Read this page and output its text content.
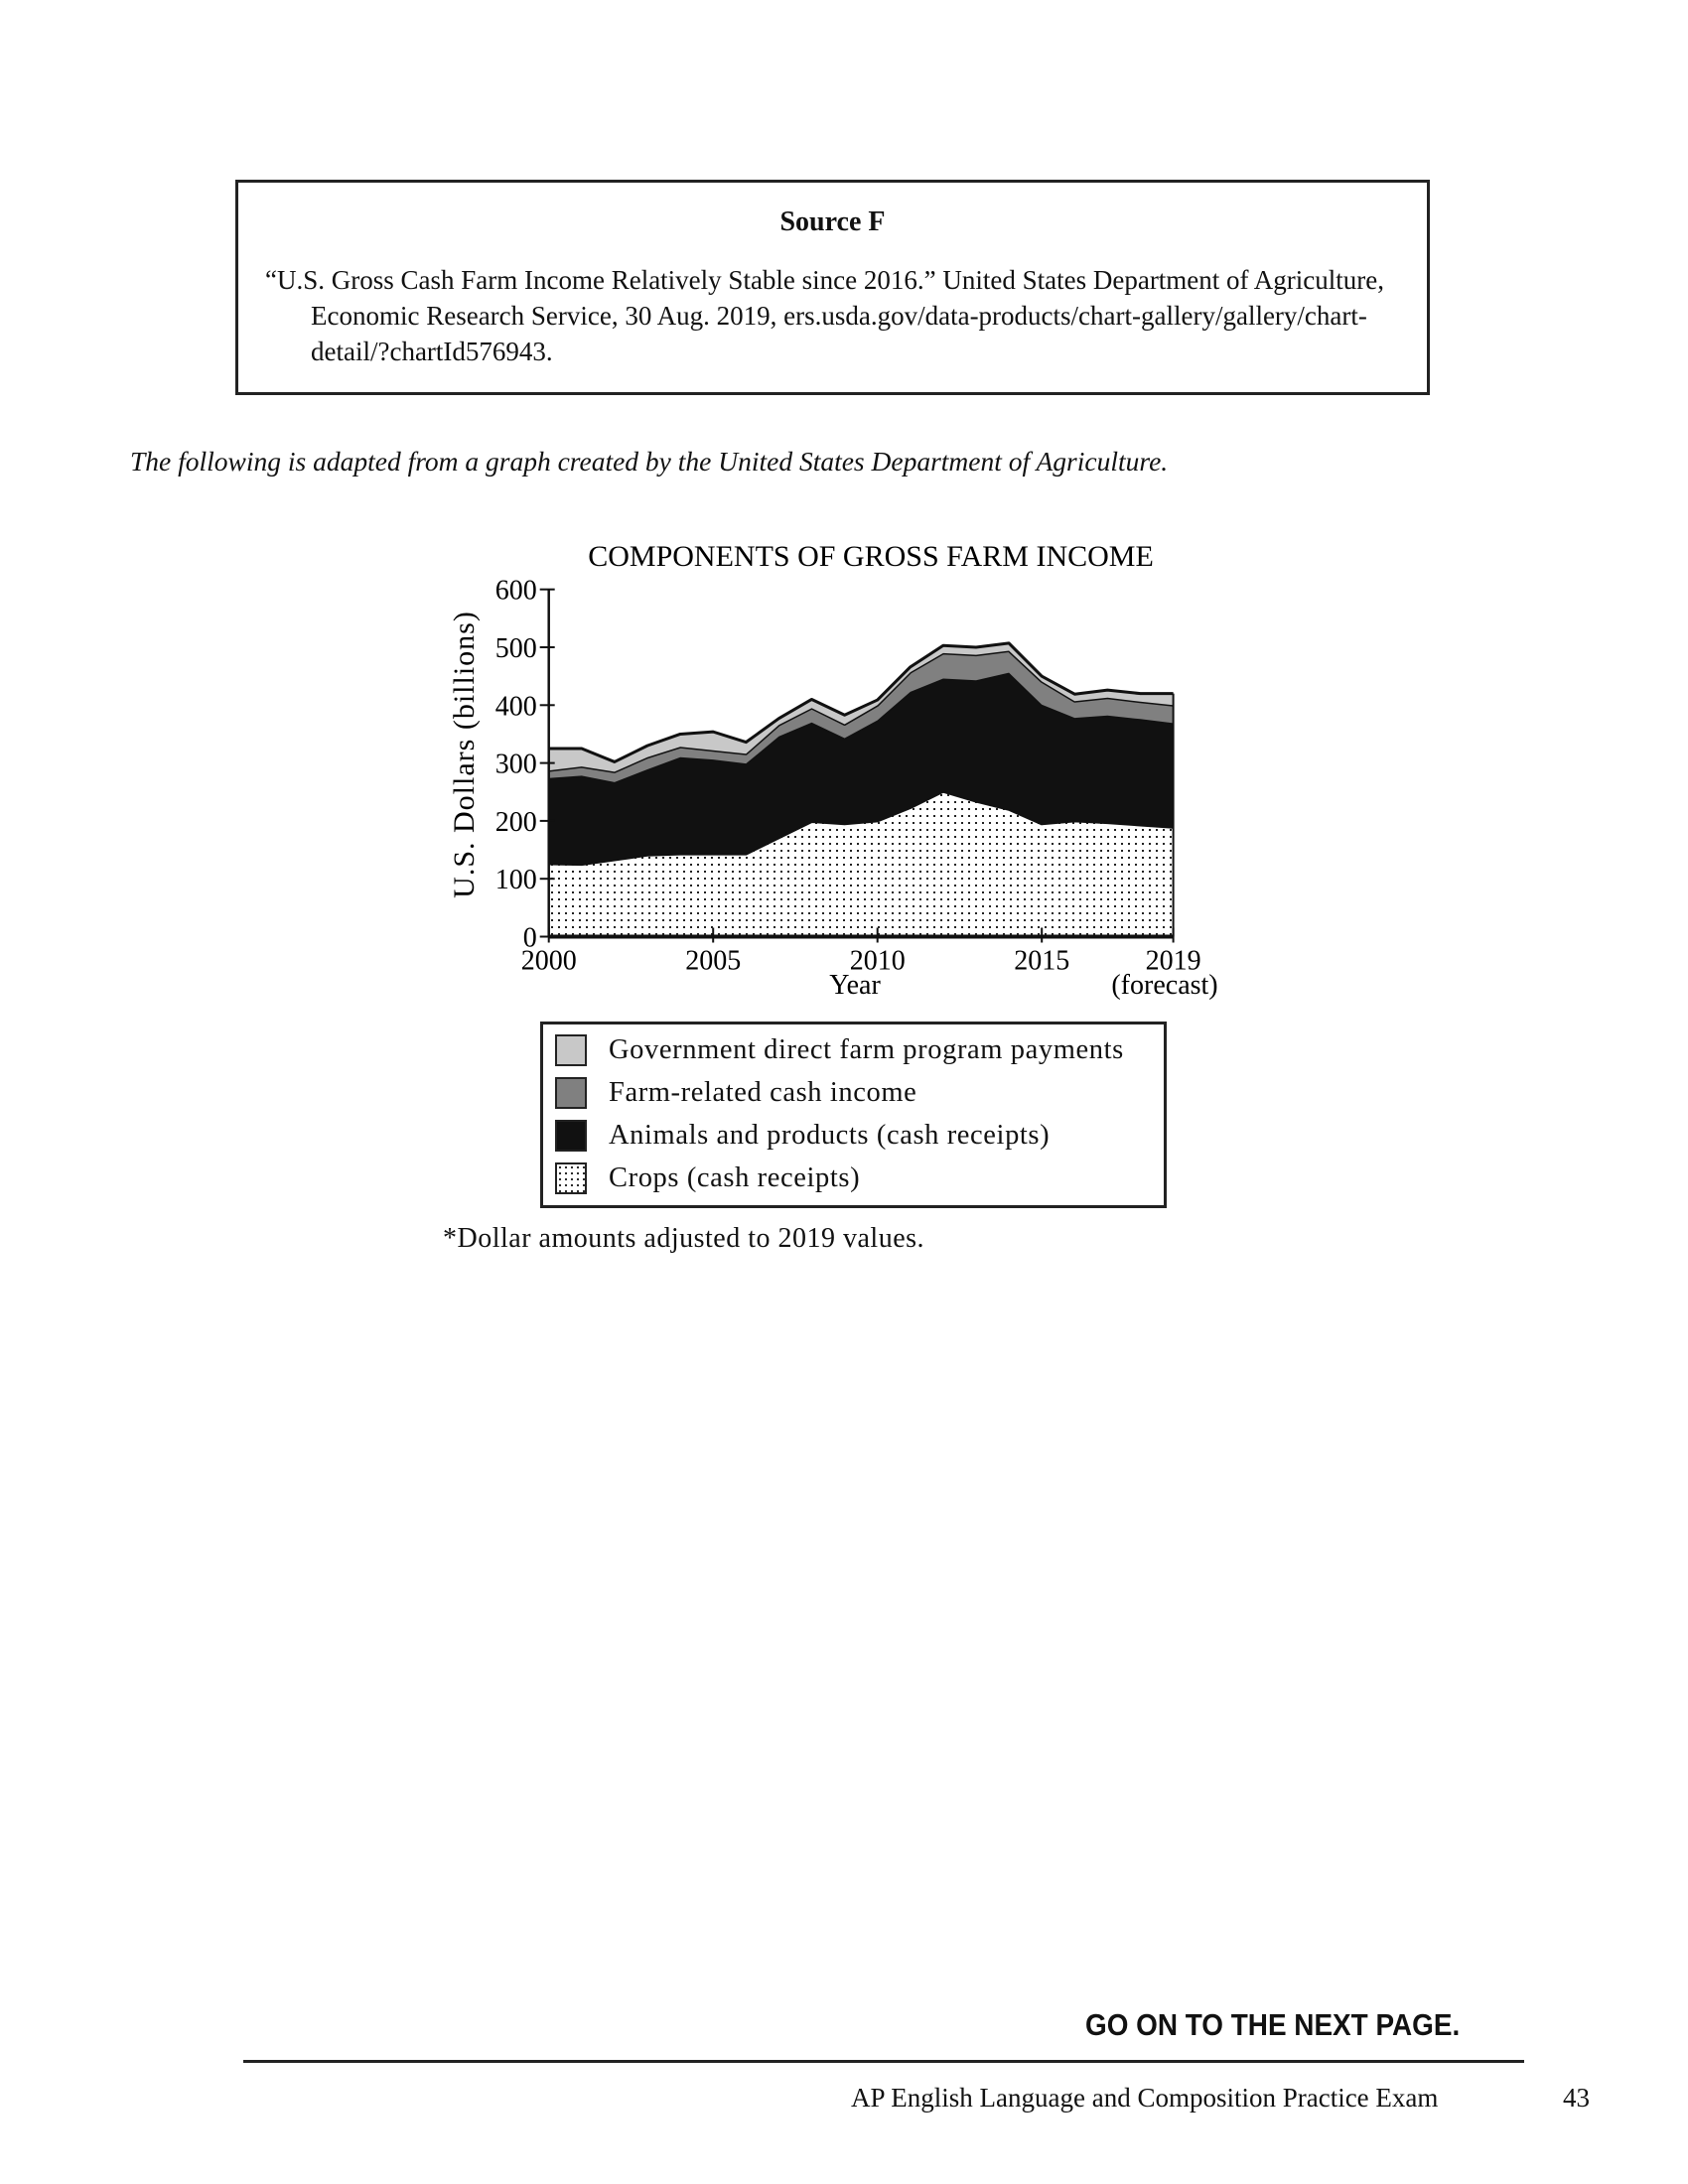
Source F
“U.S. Gross Cash Farm Income Relatively Stable since 2016.” United States Department of Agriculture, Economic Research Service, 30 Aug. 2019, ers.usda.gov/data-products/chart-gallery/gallery/chart-detail/?chartId576943.
The following is adapted from a graph created by the United States Department of Agriculture.
0
100
200
300
400
500
600
2000	2005	2010	2015	2019
COMPONENTS OF GROSS FARM INCOME
U.S. Dollars (billions)
Year	(forecast)
Government direct farm program payments
Farm-related cash income
Animals and products (cash receipts)
Crops (cash receipts)
*Dollar amounts adjusted to 2019 values.
GO ON TO THE NEXT PAGE.
AP English Language and Composition Practice Exam	43
